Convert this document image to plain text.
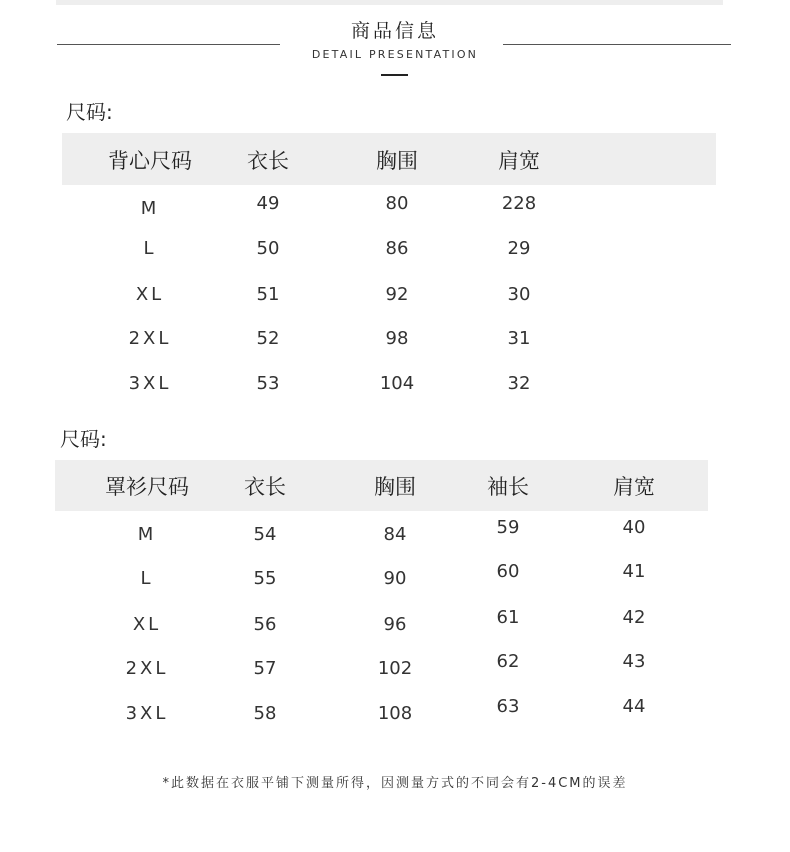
商品信息
DETAIL PRESENTATION
尺码:
背心尺码	衣长	胸围	肩宽
M	49	80	228
L	50	86	29
XL	51	92	30
2XL	52	98	31
3XL	53	104	32
尺码:
罩衫尺码	衣长	胸围	袖长	肩宽
M	54	84	59	40
L	55	90	60	41
XL	56	96	61	42
2XL	57	102	62	43
3XL	58	108	63	44
*此数据在衣服平铺下测量所得，因测量方式的不同会有2-4CM的误差
